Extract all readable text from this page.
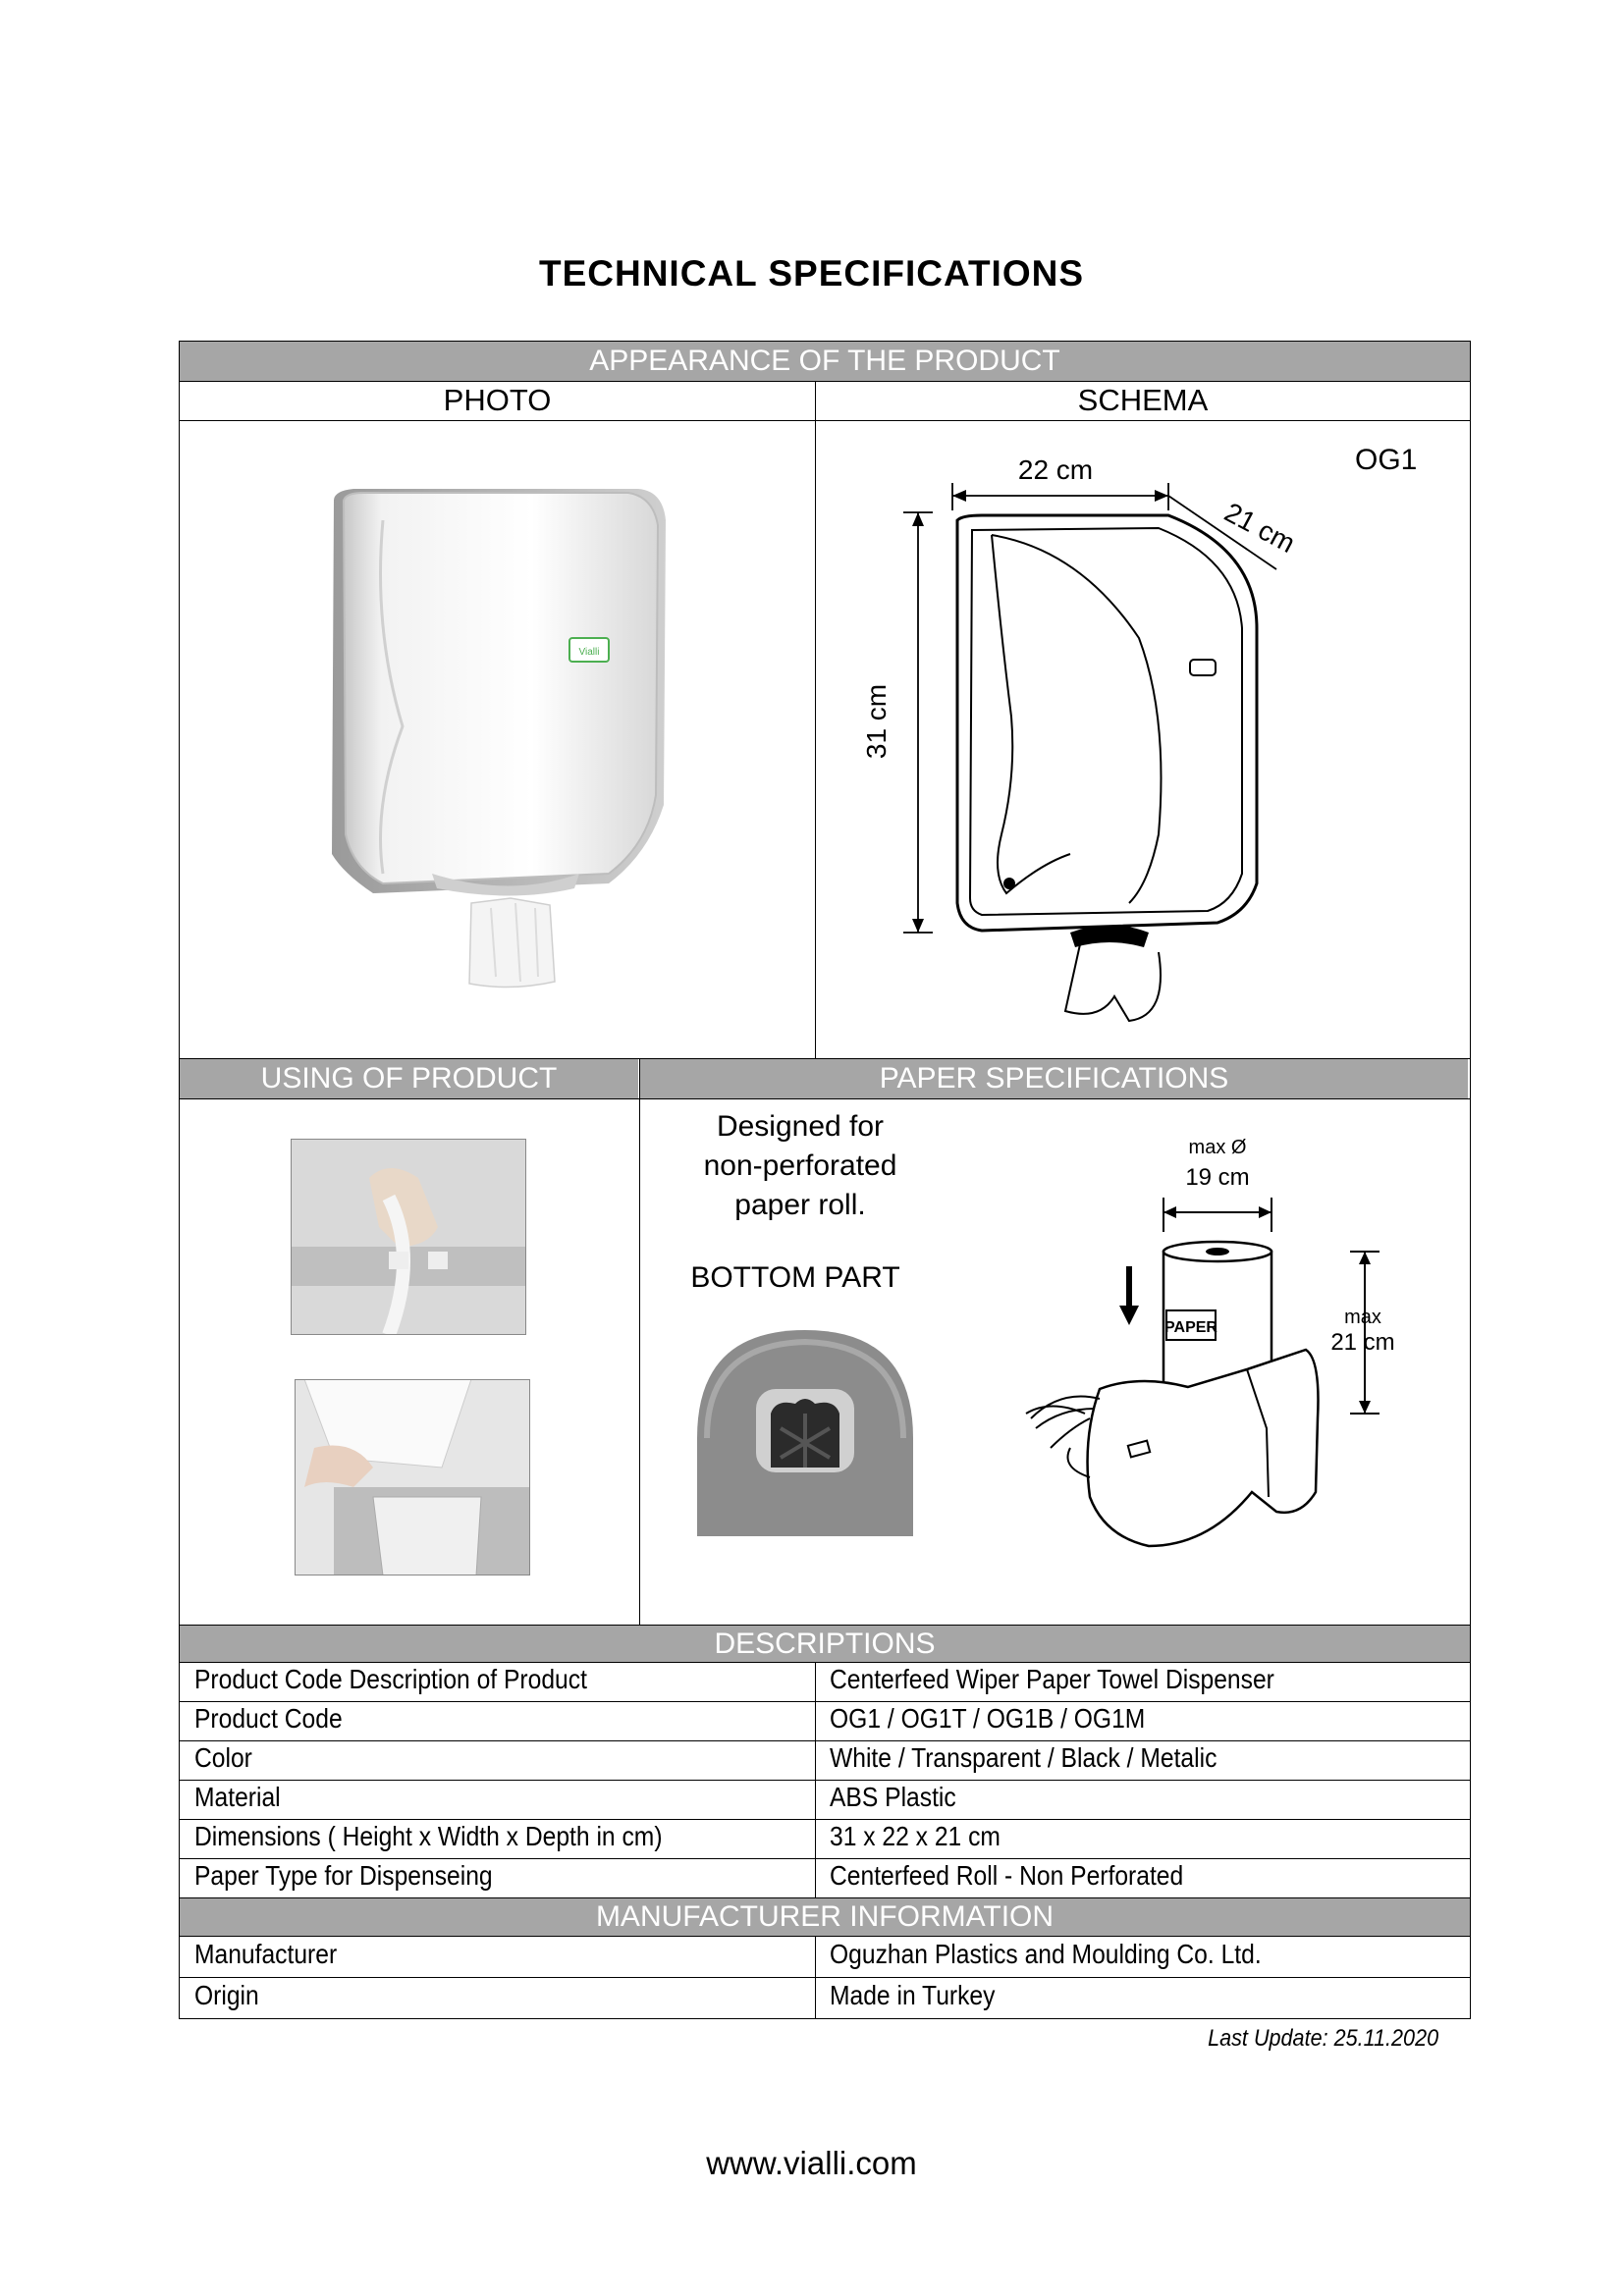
TECHNICAL SPECIFICATIONS
APPEARANCE OF THE PRODUCT
PHOTO	SCHEMA
Vialli
OG1
22 cm
21 cm
31 cm
USING OF PRODUCT	PAPER SPECIFICATIONS
Designed for
non-perforated
paper roll.
BOTTOM PART
max Ø
19 cm
PAPER	max
21 cm
DESCRIPTIONS
Product Code Description of Product	Centerfeed Wiper Paper Towel Dispenser
Product Code	OG1 / OG1T / OG1B / OG1M
Color	White / Transparent / Black / Metalic
Material	ABS Plastic
Dimensions ( Height x Width x Depth in cm)	31 x 22 x 21 cm
Paper Type for Dispenseing	Centerfeed Roll - Non Perforated
MANUFACTURER INFORMATION
Manufacturer	Oguzhan Plastics and Moulding Co. Ltd.
Origin	Made in Turkey
Last Update: 25.11.2020
www.vialli.com
